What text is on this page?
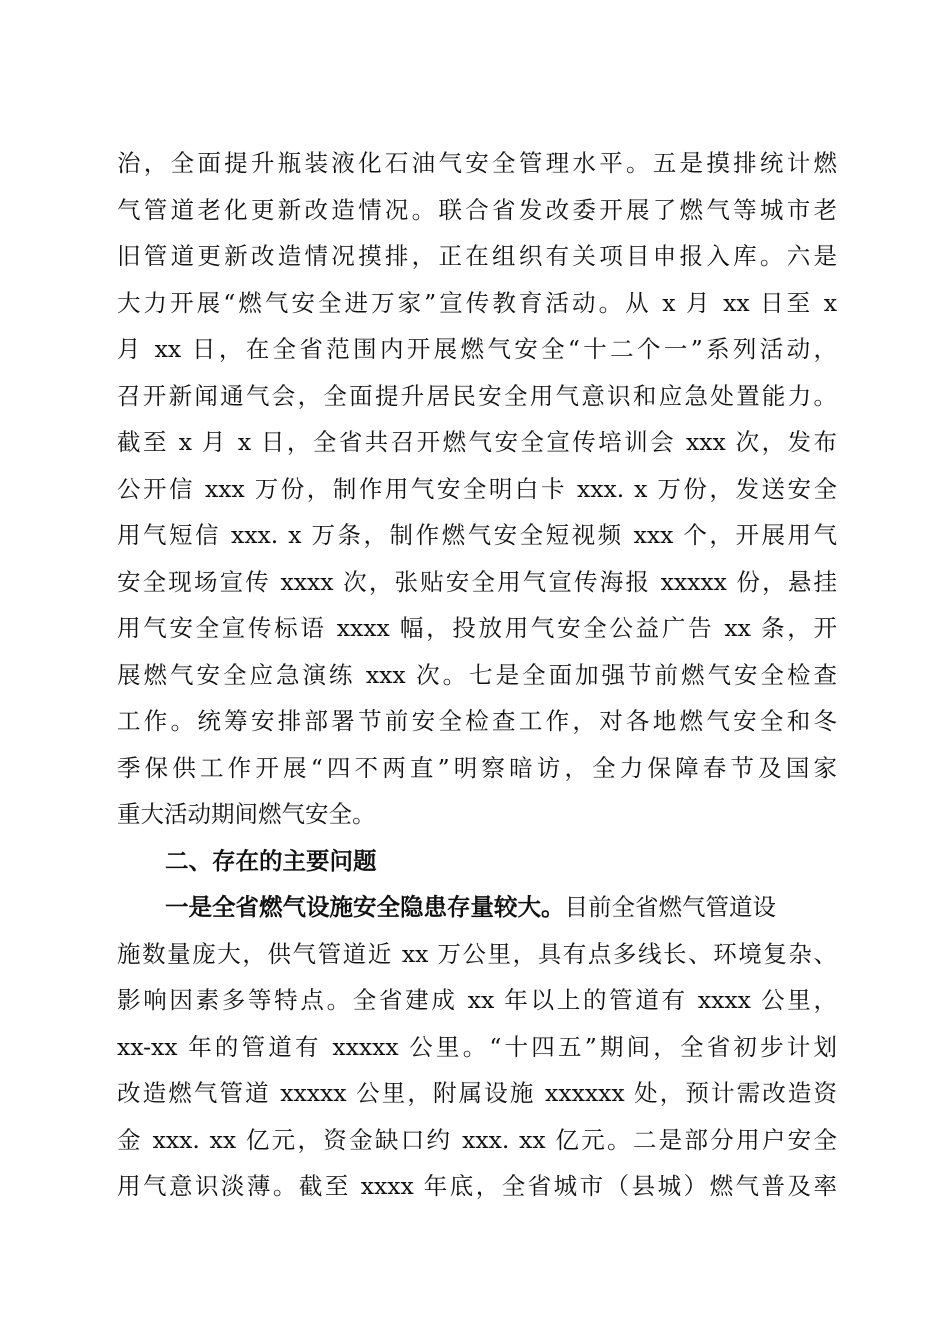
治，全面提升瓶装液化石油气安全管理水平。五是摸排统计燃
气管道老化更新改造情况。联合省发改委开展了燃气等城市老
旧管道更新改造情况摸排，正在组织有关项目申报入库。六是
大力开展“燃气安全进万家”宣传教育活动。从 x 月 xx 日至 x
月 xx 日，在全省范围内开展燃气安全“十二个一”系列活动，
召开新闻通气会，全面提升居民安全用气意识和应急处置能力。
截至 x 月 x 日，全省共召开燃气安全宣传培训会 xxx 次，发布
公开信 xxx 万份，制作用气安全明白卡 xxx. x 万份，发送安全
用气短信 xxx. x 万条，制作燃气安全短视频 xxx 个，开展用气
安全现场宣传 xxxx 次，张贴安全用气宣传海报 xxxxx 份，悬挂
用气安全宣传标语 xxxx 幅，投放用气安全公益广告 xx 条，开
展燃气安全应急演练 xxx 次。七是全面加强节前燃气安全检查
工作。统筹安排部署节前安全检查工作，对各地燃气安全和冬
季保供工作开展“四不两直”明察暗访，全力保障春节及国家
重大活动期间燃气安全。
二、存在的主要问题
一是全省燃气设施安全隐患存量较大。目前全省燃气管道设
施数量庞大，供气管道近 xx 万公里，具有点多线长、环境复杂、
影响因素多等特点。全省建成 xx 年以上的管道有 xxxx 公里，
xx-xx 年的管道有 xxxxx 公里。“十四五”期间，全省初步计划
改造燃气管道 xxxxx 公里，附属设施 xxxxxx 处，预计需改造资
金 xxx. xx 亿元，资金缺口约 xxx. xx 亿元。二是部分用户安全
用气意识淡薄。截至 xxxx 年底，全省城市（县城）燃气普及率
